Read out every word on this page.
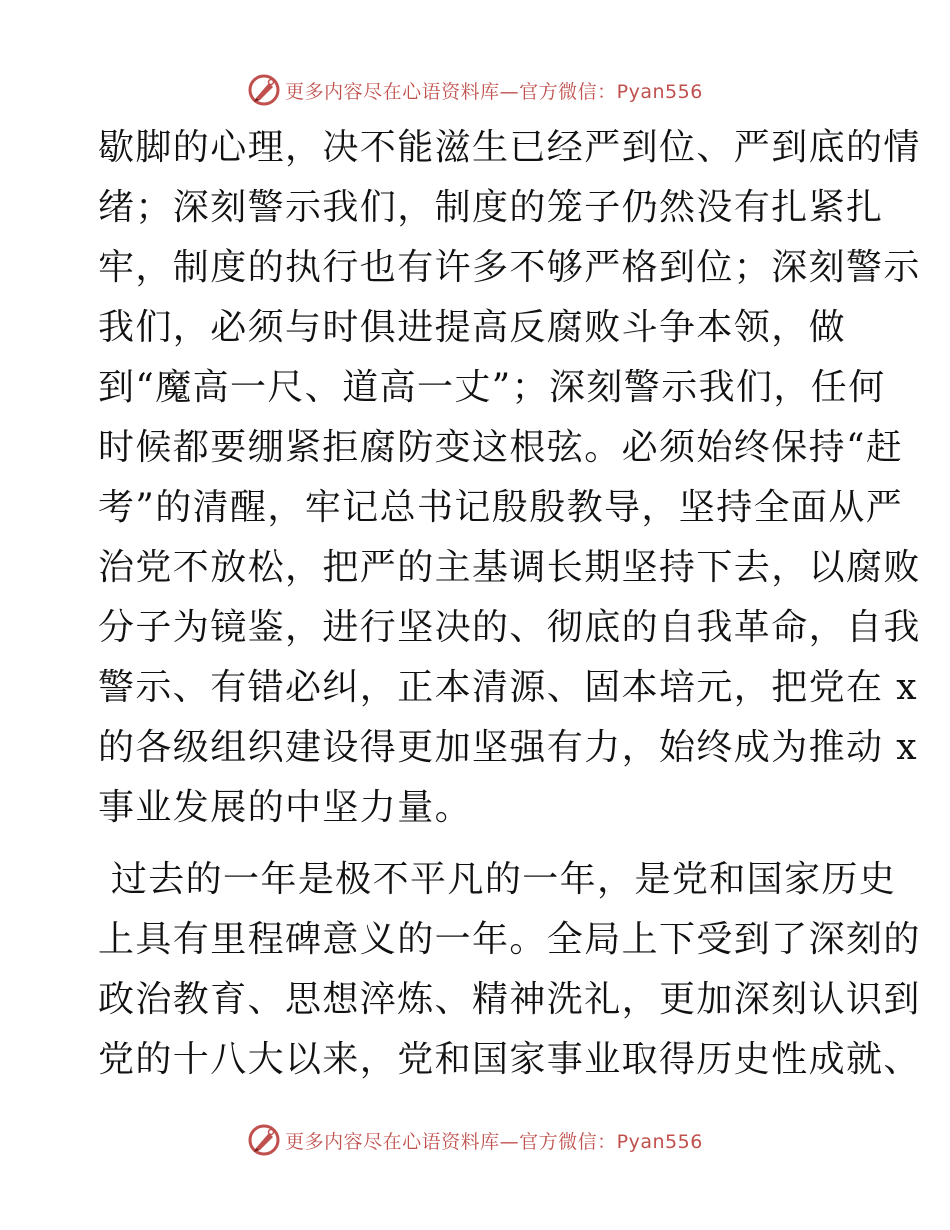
更多内容尽在心语资料库—官方微信：Pyan556
歇脚的心理，决不能滋生已经严到位、严到底的情
绪；深刻警示我们，制度的笼子仍然没有扎紧扎
牢，制度的执行也有许多不够严格到位；深刻警示
我们，必须与时俱进提高反腐败斗争本领，做
到“魔高一尺、道高一丈”；深刻警示我们，任何
时候都要绷紧拒腐防变这根弦。必须始终保持“赶
考”的清醒，牢记总书记殷殷教导，坚持全面从严
治党不放松，把严的主基调长期坚持下去，以腐败
分子为镜鉴，进行坚决的、彻底的自我革命，自我
警示、有错必纠，正本清源、固本培元，把党在 x
的各级组织建设得更加坚强有力，始终成为推动 x
事业发展的中坚力量。
过去的一年是极不平凡的一年，是党和国家历史
上具有里程碑意义的一年。全局上下受到了深刻的
政治教育、思想淬炼、精神洗礼，更加深刻认识到
党的十八大以来，党和国家事业取得历史性成就、
更多内容尽在心语资料库—官方微信：Pyan556
